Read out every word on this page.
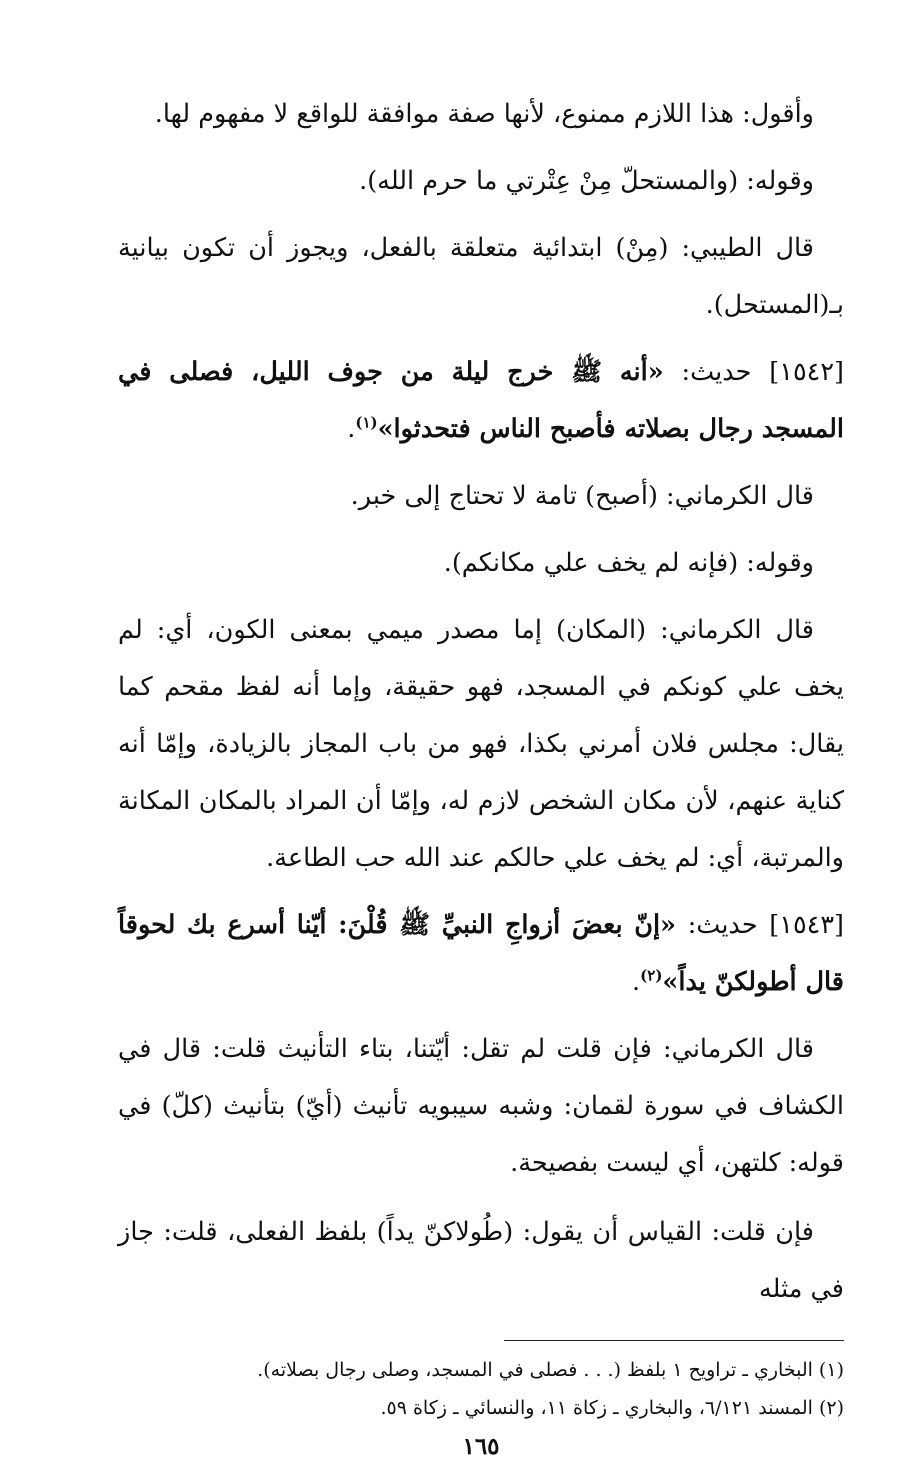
وأقول: هذا اللازم ممنوع، لأنها صفة موافقة للواقع لا مفهوم لها.

وقوله: (والمستحلّ مِنْ عِتْرتي ما حرم الله).

قال الطيبي: (مِنْ) ابتدائية متعلقة بالفعل، ويجوز أن تكون بيانية بـ(المستحل).

[١٥٤٢] حديث: «أنه ﷺ خرج ليلة من جوف الليل، فصلى في المسجد رجال بصلاته فأصبح الناس فتحدثوا»$^{(١)}$.

قال الكرماني: (أصبح) تامة لا تحتاج إلى خبر.

وقوله: (فإنه لم يخف علي مكانكم).

قال الكرماني: (المكان) إما مصدر ميمي بمعنى الكون، أي: لم يخف علي كونكم في المسجد، فهو حقيقة، وإما أنه لفظ مقحم كما يقال: مجلس فلان أمرني بكذا، فهو من باب المجاز بالزيادة، وإمّا أنه كناية عنهم، لأن مكان الشخص لازم له، وإمّا أن المراد بالمكان المكانة والمرتبة، أي: لم يخف علي حالكم عند الله حب الطاعة.

[١٥٤٣] حديث: «إنّ بعضَ أزواجِ النبيِّ ﷺ قُلْنَ: أيّنا أسرع بك لحوقاً قال أطولكنّ يداً»$^{(٢)}$.

قال الكرماني: فإن قلت لم تقل: أيّتنا، بتاء التأنيث قلت: قال في الكشاف في سورة لقمان: وشبه سيبويه تأنيث (أيّ) بتأنيث (كلّ) في قوله: كلتهن، أي ليست بفصيحة.

فإن قلت: القياس أن يقول: (طُولاكنّ يداً) بلفظ الفعلى، قلت: جاز في مثله

(١) البخاري ـ تراويح ١ بلفظ (. . . فصلى في المسجد، وصلى رجال بصلاته).

(٢) المسند ٦/١٢١، والبخاري ـ زكاة ١١، والنسائي ـ زكاة ٥٩.

١٦٥
